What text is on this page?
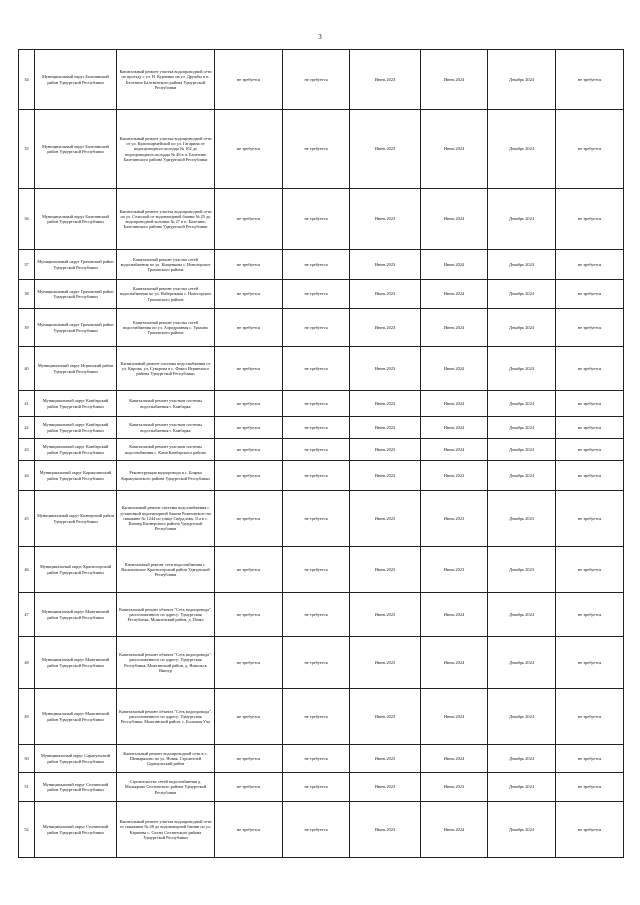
3
34	Муниципальный округ Балезинский район Удмуртской Республики	Капитальный ремонт участка водопроводной сети по проезду с ул. Н. Курченко на ул. Дружбы в п. Балезино Балезинского района Удмуртской Республики	не требуется	не требуется	Июнь 2023	Июнь 2024	Декабрь 2024	не требуется
35	Муниципальный округ Балезинский район Удмуртской Республики	Капитальный ремонт участка водопроводной сети от ул. Красноармейской по ул. Гагарина от водопроводного колодца № 102 до водопроводного колодца № 46 в п. Балезино Балезинского района Удмуртской Республики	не требуется	не требуется	Июнь 2023	Июнь 2024	Декабрь 2024	не требуется
36	Муниципальный округ Балезинский район Удмуртской Республики	Капитальный ремонт участка водопроводной сети по ул. Сельской от водонапорной башни № 25 до водопроводной колонки № 27 в п. Балезино Балезинского района Удмуртской Республики	не требуется	не требуется	Июнь 2023	Июнь 2024	Декабрь 2024	не требуется
37	Муниципальный округ Граховский район Удмуртской Республики	Капитальный ремонт участка сетей водоснабжения по ул. Кищенкова с. Новогорское Граховского района	не требуется	не требуется	Июнь 2023	Июнь 2024	Декабрь 2024	не требуется
38	Муниципальный округ Граховский район Удмуртской Республики	Капитальный ремонт участка сетей водоснабжения по ул. Набережная с. Новогорское Граховского района	не требуется	не требуется	Июнь 2023	Июнь 2024	Декабрь 2024	не требуется
39	Муниципальный округ Граховский район Удмуртской Республики	Капитальный ремонт участка сетей водоснабжения по ул. Аэродромная с. Грахово Граховского района	не требуется	не требуется	Июнь 2023	Июнь 2024	Декабрь 2024	не требуется
40	Муниципальный округ Игринский район Удмуртской Республики	Капитальный ремонт системы водоснабжения от ул. Кирова, ул. Суворова в с. Факел Игринского района Удмуртской Республики	не требуется	не требуется	Июнь 2023	Июнь 2024	Декабрь 2024	не требуется
41	Муниципальный округ Камбарский район Удмуртской Республики	Капитальный ремонт участков системы водоснабжения г. Камбарка	не требуется	не требуется	Июнь 2023	Июнь 2024	Декабрь 2024	не требуется
42	Муниципальный округ Камбарский район Удмуртской Республики	Капитальный ремонт участков системы водоснабжения г. Камбарка	не требуется	не требуется	Июнь 2023	Июнь 2024	Декабрь 2024	не требуется
43	Муниципальный округ Камбарский район Удмуртской Республики	Капитальный ремонт участков системы водоснабжения с. Кама Камбарского района	не требуется	не требуется	Июнь 2023	Июнь 2024	Декабрь 2024	не требуется
44	Муниципальный округ Каракулинский район Удмуртской Республики	Реконструкция водопровода в с. Боярка Каракулинского района Удмуртской Республики	не требуется	не требуется	Июнь 2023	Июнь 2023	Декабрь 2024	не требуется
45	Муниципальный округ Кизнерский район Удмуртской Республики	Капитальный ремонт системы водоснабжения с установкой водонапорной башни Рожновского на скважине № 1244 по улице Свердлова, 11а в с. Кизнер Кизнерского района Удмуртской Республики	не требуется	не требуется	Июнь 2023	Июнь 2023	Декабрь 2023	не требуется
46	Муниципальный округ Красногорский район Удмуртской Республики	Капитальный ремонт сети водоснабжения с. Васильевское Красногорский район Удмуртской Республики	не требуется	не требуется	Июнь 2023	Июнь 2023	Декабрь 2023	не требуется
47	Муниципальный округ Можгинский район Удмуртской Республики	Капитальный ремонт объекта "Сеть водопровода", расположенного по адресу: Удмуртская Республика, Можгинский район, д. Пазял	не требуется	не требуется	Июнь 2023	Июнь 2024	Декабрь 2024	не требуется
48	Муниципальный округ Можгинский район Удмуртской Республики	Капитальный ремонт объекта "Сеть водопровода", расположенного по адресу: Удмуртская Республика, Можгинский район, д. Никольск Вишур	не требуется	не требуется	Июнь 2023	Июнь 2024	Декабрь 2024	не требуется
49	Муниципальный округ Можгинский район Удмуртской Республики	Капитальный ремонт объекта "Сеть водопровода", расположенного по адресу: Удмуртская Республика, Можгинский район, с. Большая Уча	не требуется	не требуется	Июнь 2023	Июнь 2024	Декабрь 2024	не требуется
50	Муниципальный округ Сарапульский район Удмуртской Республики	Капитальный ремонт водопроводной сети в с. Шевырялово по ул. Новая, Строителей Сарапульский район	не требуется	не требуется	Июнь 2023	Июнь 2024	Декабрь 2024	не требуется
51	Муниципальный округ Селтинский район Удмуртской Республики	Строительство сетей водоснабжения д. Малькрово Селтинского района Удмуртской Республики	не требуется	не требуется	Июнь 2023	Июнь 2023	Декабрь 2024	не требуется
52	Муниципальный округ Селтинский район Удмуртской Республики	Капитальный ремонт участка водопроводной сети от скважины № 48 до водонапорной башни по ул. Карачева с. Селты Селтинского района Удмуртской Республики	не требуется	не требуется	Июнь 2023	Июнь 2024	Декабрь 2024	не требуется
